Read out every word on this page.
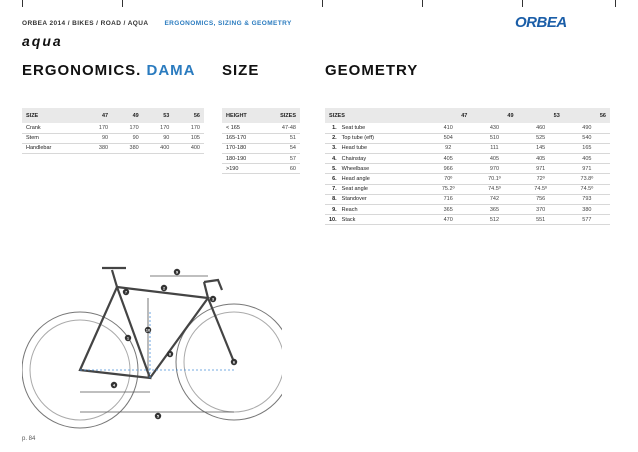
ORBEA 2014 / BIKES / ROAD / AQUA ERGONOMICS, SIZING & GEOMETRY	ORBEA
aqua
ERGONOMICS. DAMA SIZE	GEOMETRY
SIZE	47	49	53	56
Crank	170	170	170	170
Stem	90	90	90	105
Handlebar	380	380	400	400
HEIGHT	SIZES
< 165	47-48
165-170	51
170-180	54
180-190	57
>190	60
SIZES		47	49	53	56
1.	Seat tube	410	430	460	490
2.	Top tube (eff)	504	510	525	540
3.	Head tube	92	111	145	165
4.	Chainstay	405	405	405	405
5.	Wheelbase	966	970	971	971
6.	Head angle	70º	70.1º	72º	73.8º
7.	Seat angle	75.2º	74.5º	74.5º	74.5º
8.	Standover	716	742	756	793
9.	Reach	365	365	370	380
10.	Stack	470	512	551	577
2
3
1
10
7
8
4
5
6
9
p. 84
